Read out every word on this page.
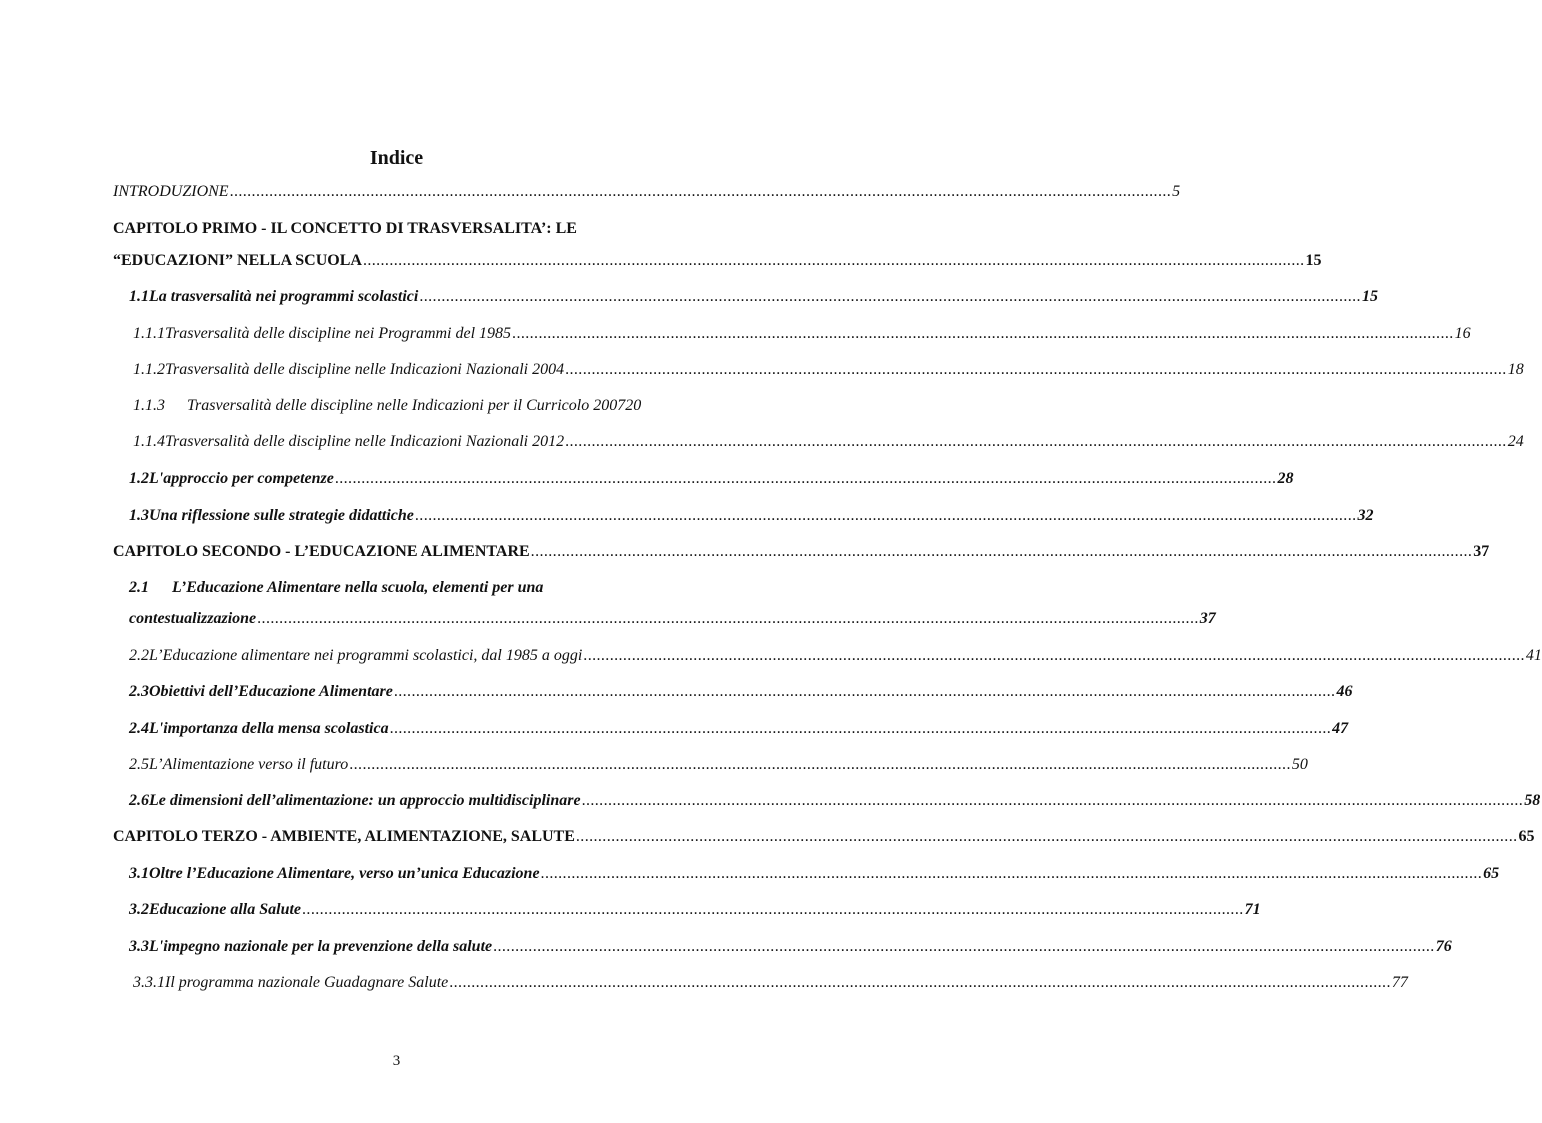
Indice
INTRODUZIONE ...................................................................................................................................................................................................................... 5
CAPITOLO PRIMO - IL CONCETTO DI TRASVERSALITA’: LE
“EDUCAZIONI” NELLA SCUOLA ...................................................................................................................................................................................................................... 15
1.1 La trasversalità nei programmi scolastici ...................................................................................................................................................................................................................... 15
1.1.1 Trasversalità delle discipline nei Programmi del 1985 ...................................................................................................................................................................................................................... 16
1.1.2 Trasversalità delle discipline nelle Indicazioni Nazionali 2004 ...................................................................................................................................................................................................................... 18
1.1.3	Trasversalità delle discipline nelle Indicazioni per il Curricolo 2007 20
1.1.4 Trasversalità delle discipline nelle Indicazioni Nazionali 2012 ...................................................................................................................................................................................................................... 24
1.2 L'approccio per competenze ...................................................................................................................................................................................................................... 28
1.3 Una riflessione sulle strategie didattiche ...................................................................................................................................................................................................................... 32
CAPITOLO SECONDO - L’EDUCAZIONE ALIMENTARE ...................................................................................................................................................................................................................... 37
2.1 L’Educazione Alimentare nella scuola, elementi per una
contestualizzazione ...................................................................................................................................................................................................................... 37
2.2 L’Educazione alimentare nei programmi scolastici, dal 1985 a oggi ...................................................................................................................................................................................................................... 41
2.3 Obiettivi dell’Educazione Alimentare ...................................................................................................................................................................................................................... 46
2.4 L'importanza della mensa scolastica ...................................................................................................................................................................................................................... 47
2.5 L’Alimentazione verso il futuro ...................................................................................................................................................................................................................... 50
2.6 Le dimensioni dell’alimentazione: un approccio multidisciplinare ...................................................................................................................................................................................................................... 58
CAPITOLO TERZO - AMBIENTE, ALIMENTAZIONE, SALUTE ...................................................................................................................................................................................................................... 65
3.1 Oltre l’Educazione Alimentare, verso un’unica Educazione ...................................................................................................................................................................................................................... 65
3.2 Educazione alla Salute ...................................................................................................................................................................................................................... 71
3.3 L'impegno nazionale per la prevenzione della salute ...................................................................................................................................................................................................................... 76
3.3.1 Il programma nazionale Guadagnare Salute ...................................................................................................................................................................................................................... 77
3
